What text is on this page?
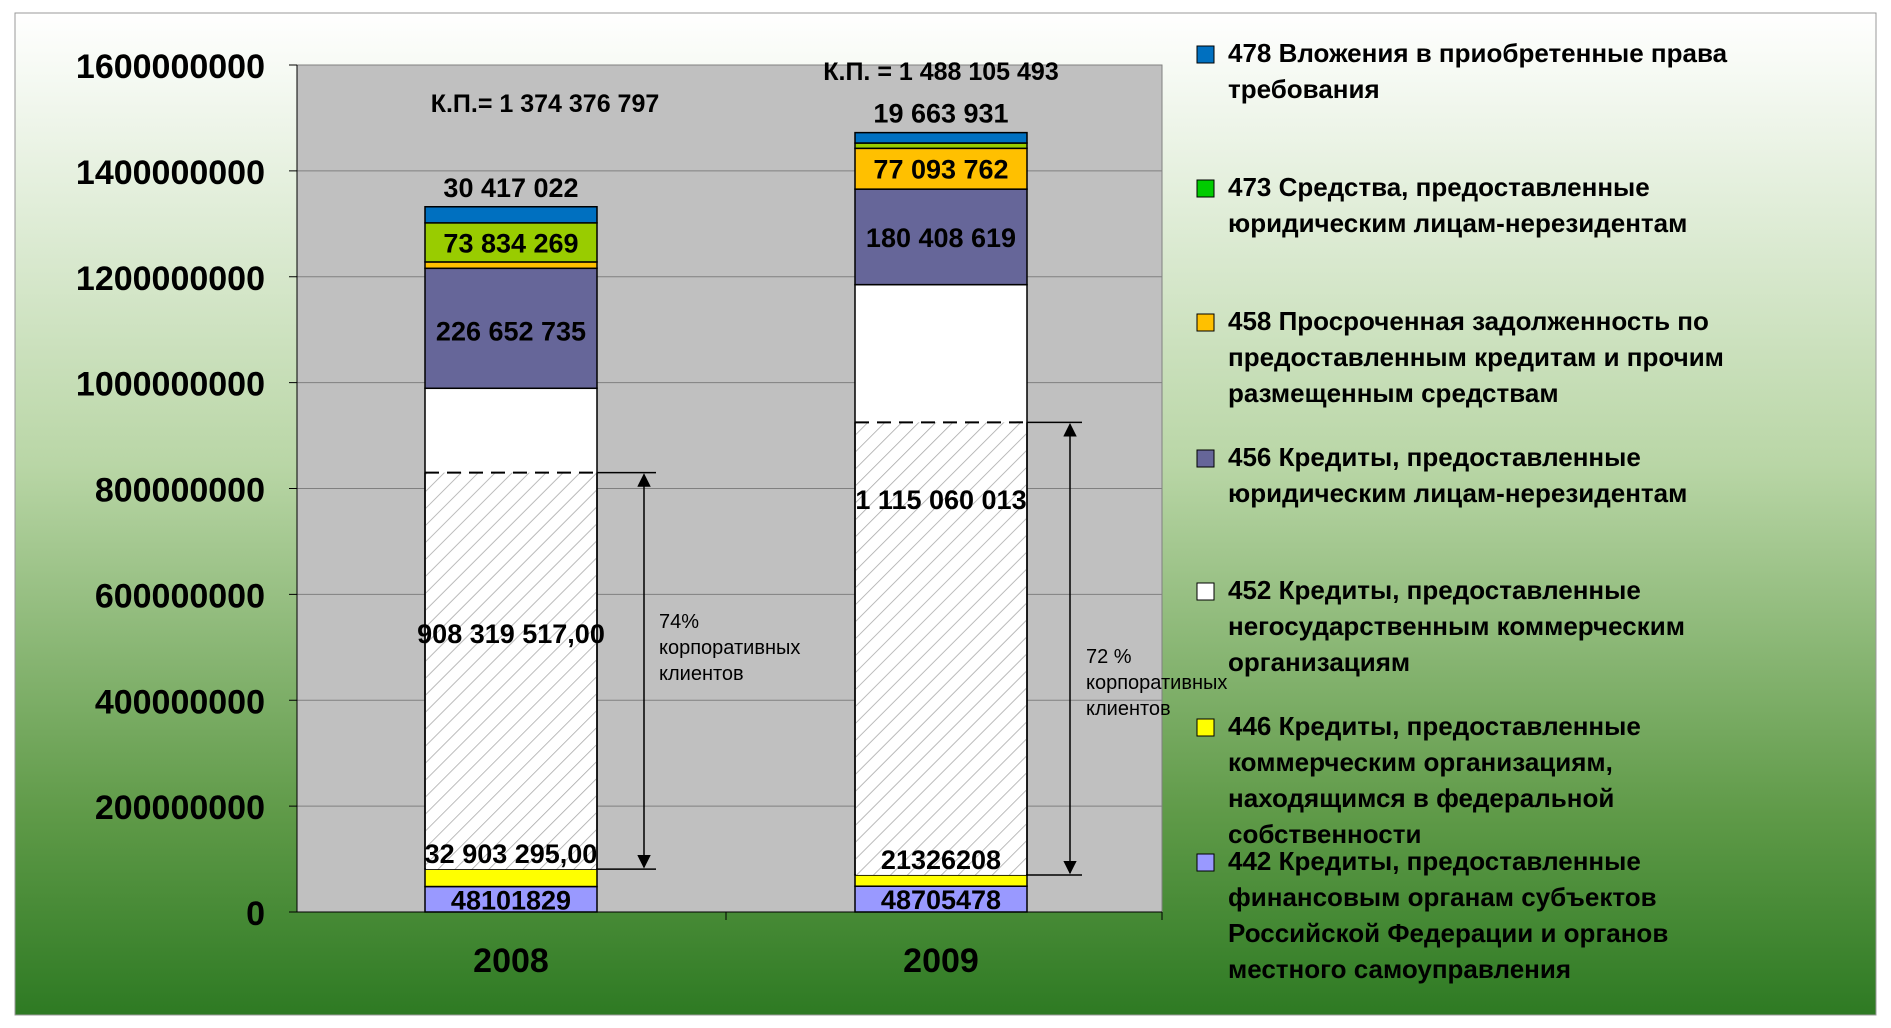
0
200000000
400000000
600000000
800000000
1000000000
1200000000
1400000000
1600000000
48101829
32 903 295,00
908 319 517,00
226 652 735
73 834 269
30 417 022
48705478
21326208
1 115 060 013
180 408 619
77 093 762
19 663 931
К.П.= 1 374 376 797
К.П. = 1 488 105 493
74% корпоративных клиентов
72 % корпоративных клиентов
2008	2009
478 Вложения в приобретенные права требования
473 Средства, предоставленные юридическим лицам-нерезидентам
458 Просроченная задолженность по предоставленным кредитам и прочим размещенным средствам
456 Кредиты, предоставленные юридическим лицам-нерезидентам
452 Кредиты, предоставленные негосударственным коммерческим организациям
446 Кредиты, предоставленные коммерческим организациям, находящимся в федеральной собственности
442 Кредиты, предоставленные финансовым органам субъектов Российской Федерации и органов местного самоуправления
